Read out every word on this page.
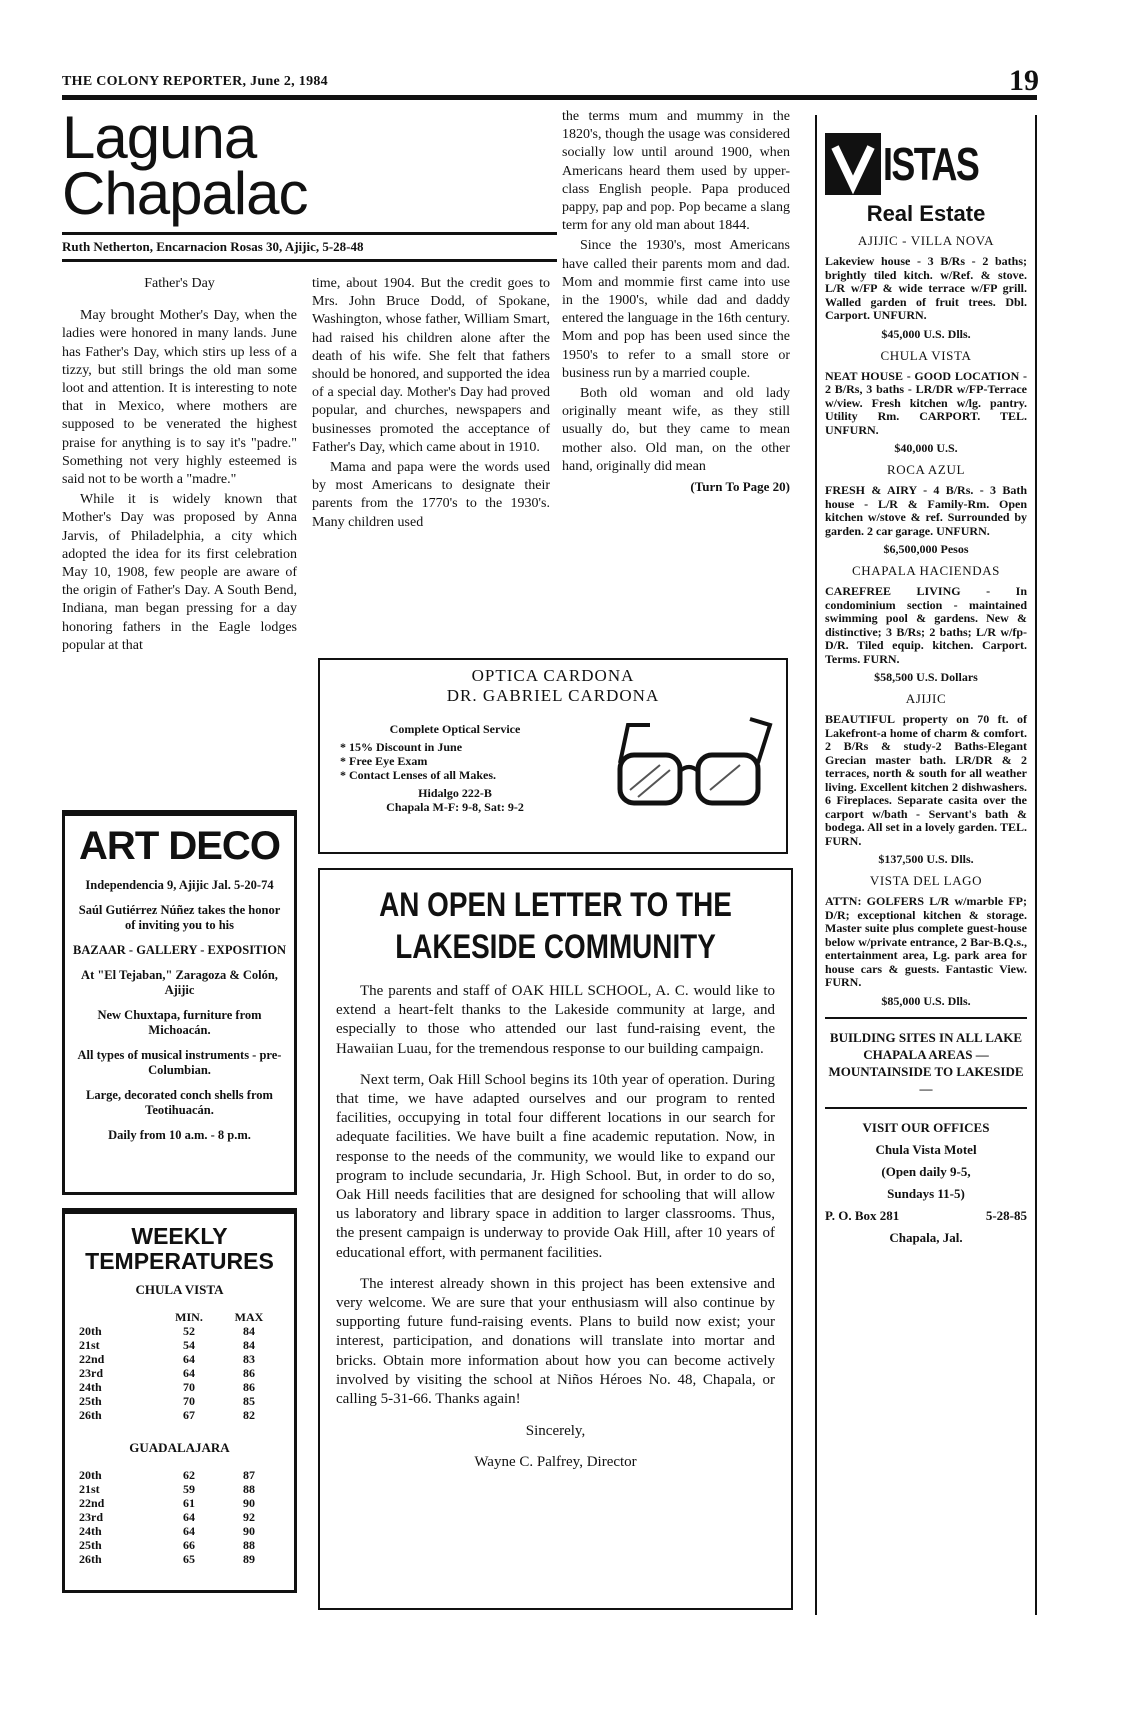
THE COLONY REPORTER, June 2, 1984	19
Laguna
Chapalac
Ruth Netherton, Encarnacion Rosas 30, Ajijic, 5-28-48
Father's Day

May brought Mother's Day, when the ladies were honored in many lands. June has Father's Day, which stirs up less of a tizzy, but still brings the old man some loot and attention. It is interesting to note that in Mexico, where mothers are supposed to be venerated the highest praise for anything is to say it's "padre." Something not very highly esteemed is said not to be worth a "madre."

While it is widely known that Mother's Day was proposed by Anna Jarvis, of Philadelphia, a city which adopted the idea for its first celebration May 10, 1908, few people are aware of the origin of Father's Day. A South Bend, Indiana, man began pressing for a day honoring fathers in the Eagle lodges popular at that

time, about 1904. But the credit goes to Mrs. John Bruce Dodd, of Spokane, Washington, whose father, William Smart, had raised his children alone after the death of his wife. She felt that fathers should be honored, and supported the idea of a special day. Mother's Day had proved popular, and churches, newspapers and businesses promoted the acceptance of Father's Day, which came about in 1910.

Mama and papa were the words used by most Americans to designate their parents from the 1770's to the 1930's. Many children used

the terms mum and mummy in the 1820's, though the usage was considered socially low until around 1900, when Americans heard them used by upper-class English people. Papa produced pappy, pap and pop. Pop became a slang term for any old man about 1844.

Since the 1930's, most Americans have called their parents mom and dad. Mom and mommie first came into use in the 1900's, while dad and daddy entered the language in the 16th century. Mom and pop has been used since the 1950's to refer to a small store or business run by a married couple.

Both old woman and old lady originally meant wife, as they still usually do, but they came to mean mother also. Old man, on the other hand, originally did mean

(Turn To Page 20)
ART DECO
Independencia 9, Ajijic Jal. 5-20-74
Saúl Gutiérrez Núñez takes the honor of inviting you to his
BAZAAR - GALLERY - EXPOSITION
At "El Tejaban," Zaragoza & Colón, Ajijic
New Chuxtapa, furniture from Michoacán.
All types of musical instruments - pre-Columbian.
Large, decorated conch shells from Teotihuacán.
Daily from 10 a.m. - 8 p.m.
WEEKLY
TEMPERATURES
CHULA VISTA
	MIN.	MAX
20th	52	84
21st	54	84
22nd	64	83
23rd	64	86
24th	70	86
25th	70	85
26th	67	82
GUADALAJARA
20th	62	87
21st	59	88
22nd	61	90
23rd	64	92
24th	64	90
25th	66	88
26th	65	89
OPTICA CARDONA
DR. GABRIEL CARDONA
Complete Optical Service
* 15% Discount in June
* Free Eye Exam
* Contact Lenses of all Makes.
Hidalgo 222-B
Chapala M-F: 9-8, Sat: 9-2
AN OPEN LETTER TO THE LAKESIDE COMMUNITY

The parents and staff of OAK HILL SCHOOL, A. C. would like to extend a heart-felt thanks to the Lakeside community at large, and especially to those who attended our last fund-raising event, the Hawaiian Luau, for the tremendous response to our building campaign.

Next term, Oak Hill School begins its 10th year of operation. During that time, we have adapted ourselves and our program to rented facilities, occupying in total four different locations in our search for adequate facilities. We have built a fine academic reputation. Now, in response to the needs of the community, we would like to expand our program to include secundaria, Jr. High School. But, in order to do so, Oak Hill needs facilities that are designed for schooling that will allow us laboratory and library space in addition to larger classrooms. Thus, the present campaign is underway to provide Oak Hill, after 10 years of educational effort, with permanent facilities.

The interest already shown in this project has been extensive and very welcome. We are sure that your enthusiasm will also continue by supporting future fund-raising events. Plans to build now exist; your interest, participation, and donations will translate into mortar and bricks. Obtain more information about how you can become actively involved by visiting the school at Niños Héroes No. 48, Chapala, or calling 5-31-66. Thanks again!

Sincerely,
Wayne C. Palfrey, Director
ISTAS
Real Estate
AJIJIC - VILLA NOVA
Lakeview house - 3 B/Rs - 2 baths; brightly tiled kitch. w/Ref. & stove. L/R w/FP & wide terrace w/FP grill. Walled garden of fruit trees. Dbl. Carport. UNFURN.
$45,000 U.S. Dlls.
CHULA VISTA
NEAT HOUSE - GOOD LOCATION - 2 B/Rs, 3 baths - LR/DR w/FP-Terrace w/view. Fresh kitchen w/lg. pantry. Utility Rm. CARPORT. TEL. UNFURN.
$40,000 U.S.
ROCA AZUL
FRESH & AIRY - 4 B/Rs. - 3 Bath house - L/R & Family-Rm. Open kitchen w/stove & ref. Surrounded by garden. 2 car garage. UNFURN.
$6,500,000 Pesos
CHAPALA HACIENDAS
CAREFREE LIVING - In condominium section - maintained swimming pool & gardens. New & distinctive; 3 B/Rs; 2 baths; L/R w/fp-D/R. Tiled equip. kitchen. Carport. Terms. FURN.
$58,500 U.S. Dollars
AJIJIC
BEAUTIFUL property on 70 ft. of Lakefront-a home of charm & comfort. 2 B/Rs & study-2 Baths-Elegant Grecian master bath. LR/DR & 2 terraces, north & south for all weather living. Excellent kitchen 2 dishwashers. 6 Fireplaces. Separate casita over the carport w/bath - Servant's bath & bodega. All set in a lovely garden. TEL. FURN.
$137,500 U.S. Dlls.
VISTA DEL LAGO
ATTN: GOLFERS L/R w/marble FP; D/R; exceptional kitchen & storage. Master suite plus complete guest-house below w/private entrance, 2 Bar-B.Q.s., entertainment area, Lg. park area for house cars & guests. Fantastic View. FURN.
$85,000 U.S. Dlls.
BUILDING SITES IN ALL LAKE CHAPALA AREAS — MOUNTAINSIDE TO LAKESIDE —
VISIT OUR OFFICES
Chula Vista Motel
(Open daily 9-5,
Sundays 11-5)
P. O. Box 281	5-28-85
Chapala, Jal.
